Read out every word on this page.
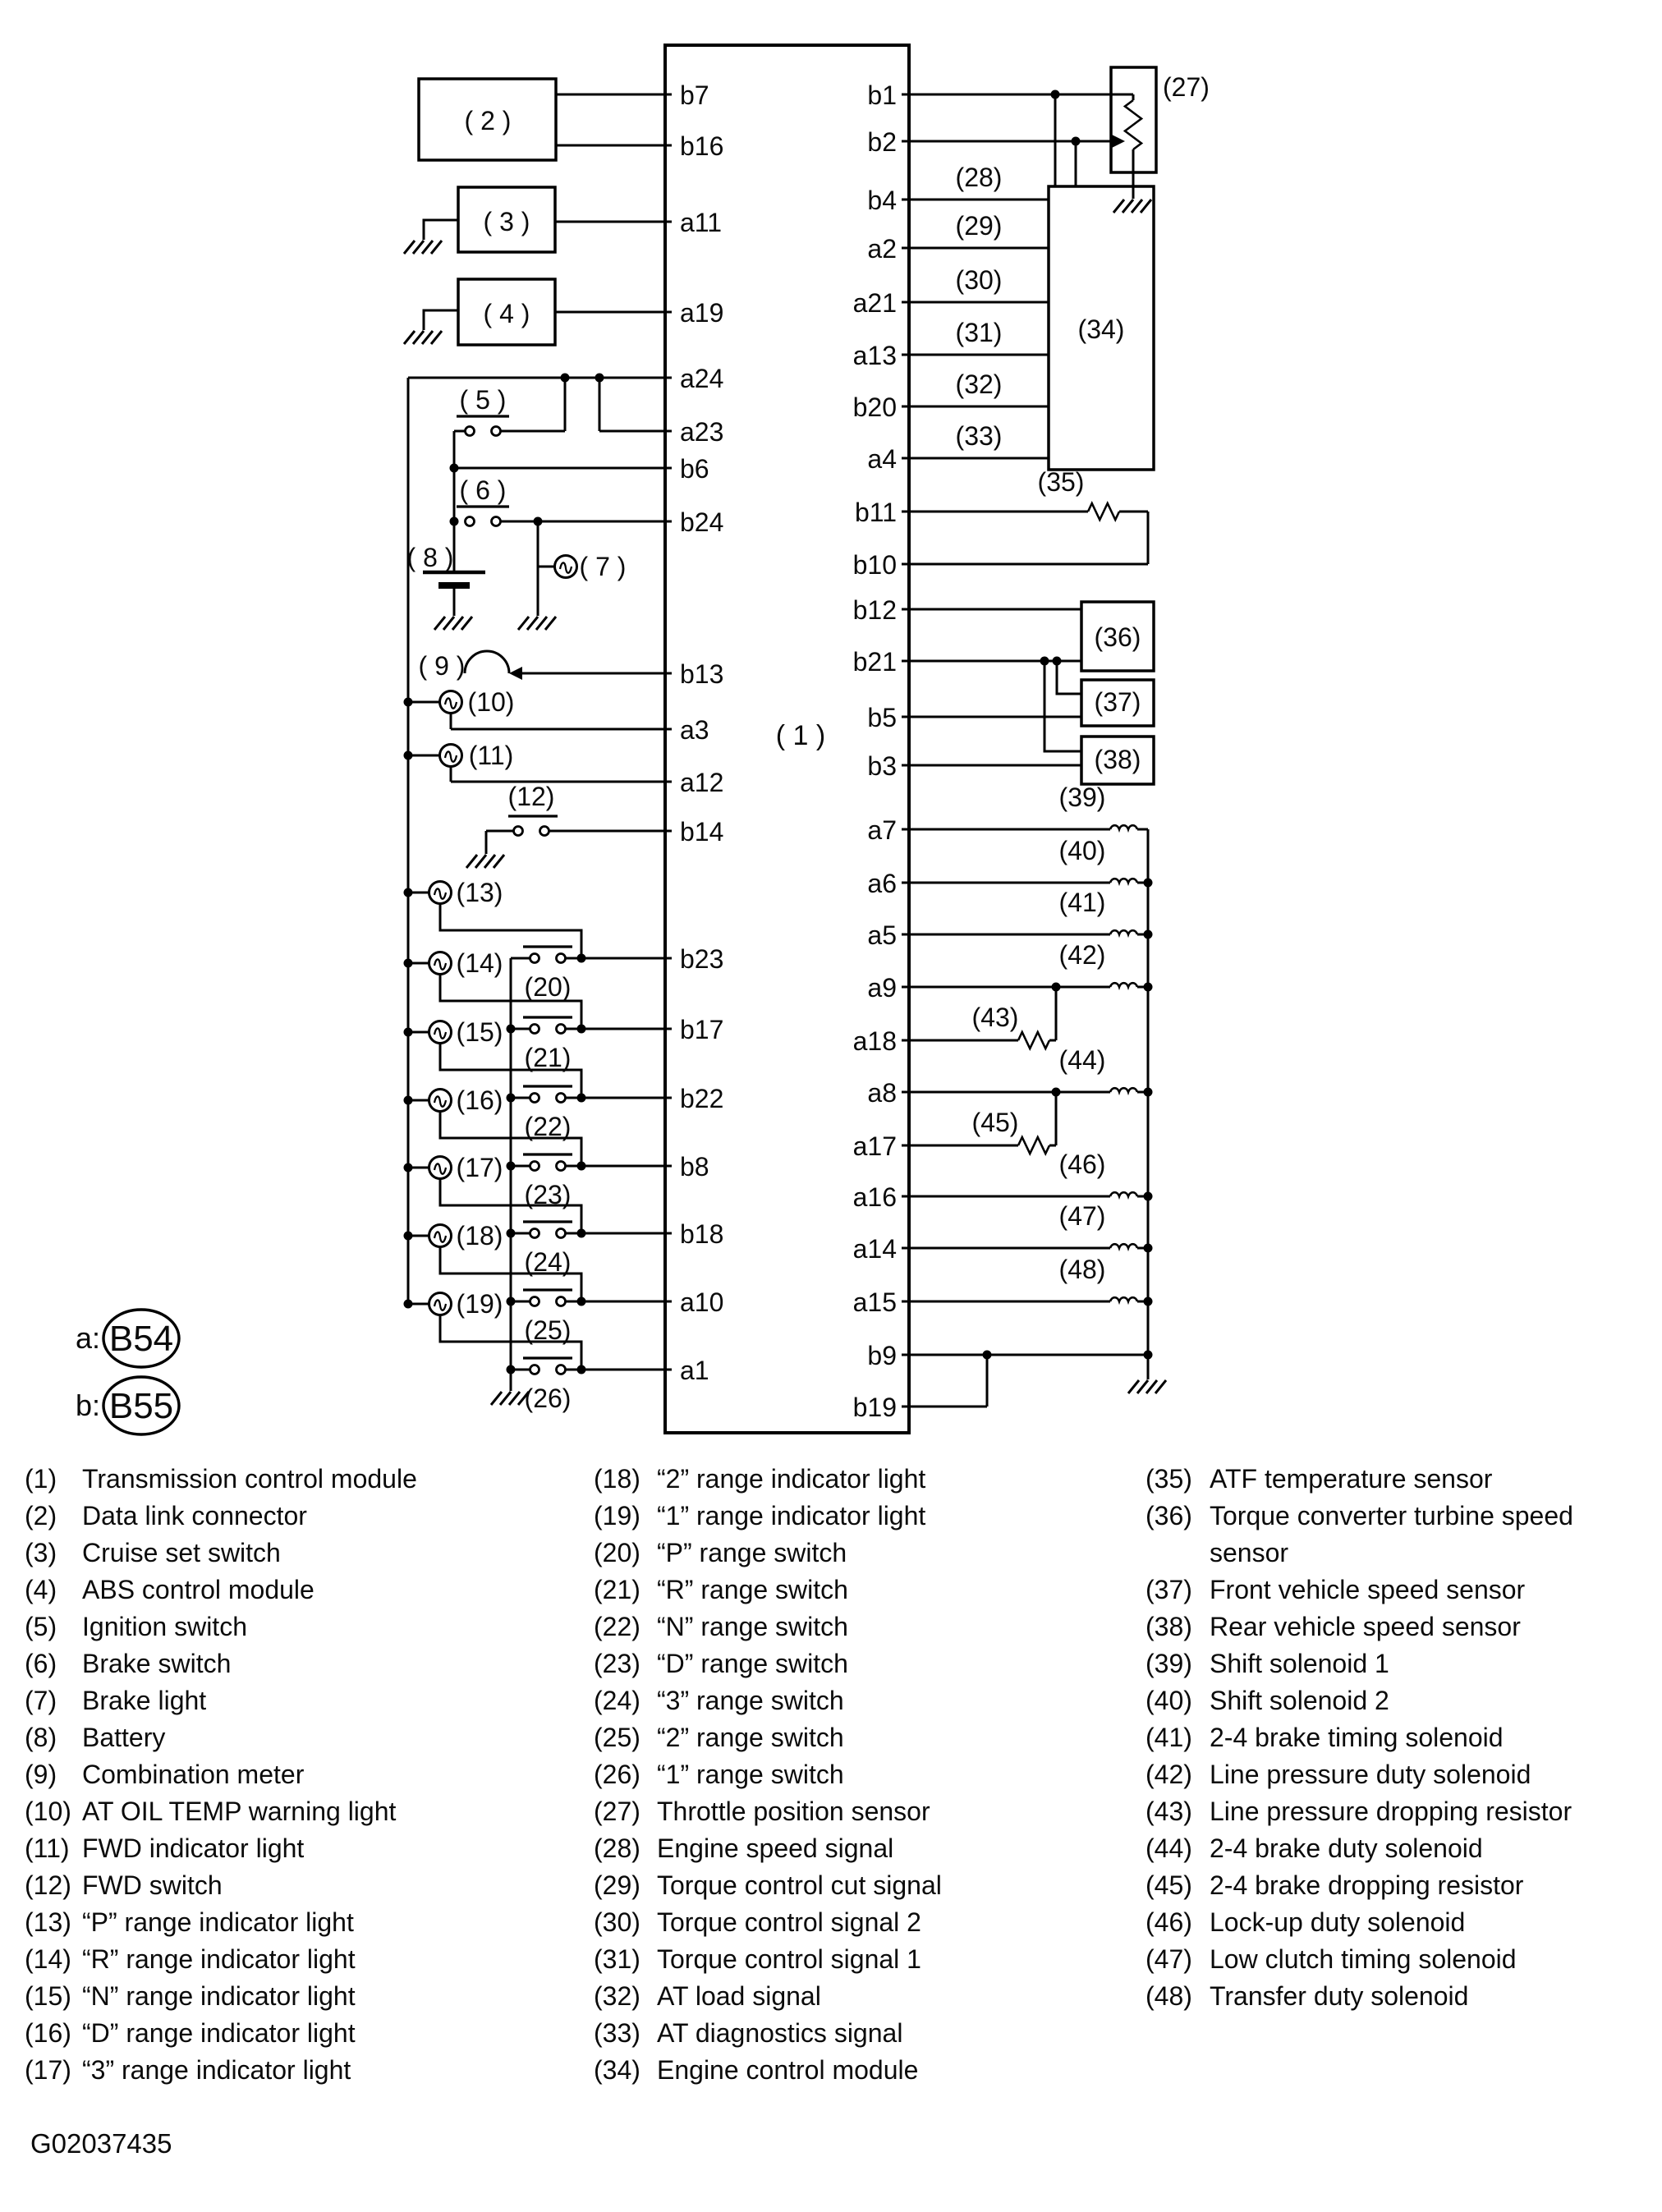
( 1 )
b7
b16
a11
a19
a24
a23
b6
b24
b13
a3
a12
b14
b23
b17
b22
b8
b18
a10
a1
b1
b2
b4
a2
a21
a13
b20
a4
b11
b10
b12
b21
b5
b3
a7
a6
a5
a9
a18
a8
a17
a16
a14
a15
b9
b19
( 2 )
( 3 )
( 4 )
( 5 )
( 6 )
( 8 )	( 7 )
( 9 )
(10)
(11)
(12)
(13)
(20)
(14)
(21)
(15)
(22)
(16)
(23)
(17)
(24)
(18)
(25)
(19)
(26)
(27)
(34)
(28)
(29)
(30)
(31)
(32)
(33)
(35)
(36)
(37)
(38)
(39)
(40)
(41)
(42)
(44)
(46)
(47)
(48)
(43)
(45)
a: B54
b: B55
(1) Transmission control module
(2) Data link connector
(3) Cruise set switch
(4) ABS control module
(5) Ignition switch
(6) Brake switch
(7) Brake light
(8) Battery
(9) Combination meter
(10) AT OIL TEMP warning light
(11) FWD indicator light
(12) FWD switch
(13) “P” range indicator light
(14) “R” range indicator light
(15) “N” range indicator light
(16) “D” range indicator light
(17) “3” range indicator light
(18) “2” range indicator light
(19) “1” range indicator light
(20) “P” range switch
(21) “R” range switch
(22) “N” range switch
(23) “D” range switch
(24) “3” range switch
(25) “2” range switch
(26) “1” range switch
(27) Throttle position sensor
(28) Engine speed signal
(29) Torque control cut signal
(30) Torque control signal 2
(31) Torque control signal 1
(32) AT load signal
(33) AT diagnostics signal
(34) Engine control module
(35) ATF temperature sensor
(36) Torque converter turbine speed
sensor
(37) Front vehicle speed sensor
(38) Rear vehicle speed sensor
(39) Shift solenoid 1
(40) Shift solenoid 2
(41) 2-4 brake timing solenoid
(42) Line pressure duty solenoid
(43) Line pressure dropping resistor
(44) 2-4 brake duty solenoid
(45) 2-4 brake dropping resistor
(46) Lock-up duty solenoid
(47) Low clutch timing solenoid
(48) Transfer duty solenoid
G02037435
